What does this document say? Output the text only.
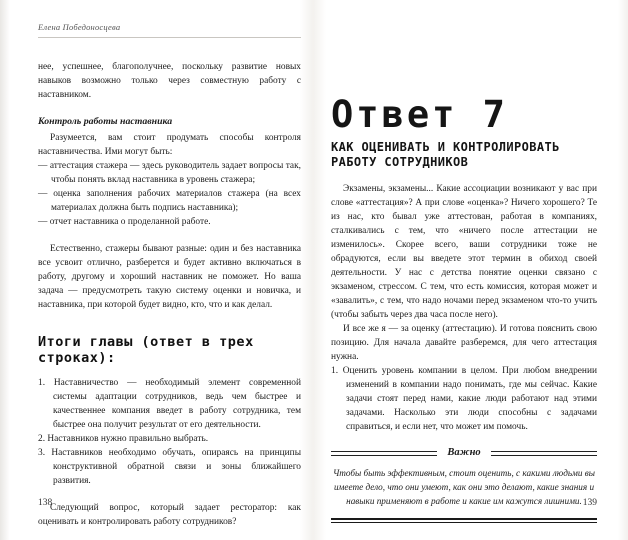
Елена Победоносцева

нее, успешнее, благополучнее, поскольку развитие новых навыков возможно только через совместную работу с наставником.

Контроль работы наставника

Разумеется, вам стоит продумать способы контроля наставничества. Ими могут быть:

— аттестация стажера — здесь руководитель задает вопросы так, чтобы понять вклад наставника в уровень стажера;

— оценка заполнения рабочих материалов стажера (на всех материалах должна быть подпись наставника);

— отчет наставника о проделанной работе.

Естественно, стажеры бывают разные: один и без наставника все усвоит отлично, разберется и будет активно включаться в работу, другому и хороший наставник не поможет. Но ваша задача — предусмотреть такую систему оценки и новичка, и наставника, при которой будет видно, кто, что и как делал.

Итоги главы (ответ в трех строках):

1. Наставничество — необходимый элемент современной системы адаптации сотрудников, ведь чем быстрее и качественнее компания введет в работу сотрудника, тем быстрее она получит результат от его деятельности.

2. Наставников нужно правильно выбрать.

3. Наставников необходимо обучать, опираясь на принципы конструктивной обратной связи и зоны ближайшего развития.

Следующий вопрос, который задает ресторатор: как оценивать и контролировать работу сотрудников?

138
Ответ 7
КАК ОЦЕНИВАТЬ И КОНТРОЛИРОВАТЬ РАБОТУ СОТРУДНИКОВ

Экзамены, экзамены... Какие ассоциации возникают у вас при слове «аттестация»? А при слове «оценка»? Ничего хорошего? Те из нас, кто бывал уже аттестован, работая в компаниях, сталкивались с тем, что «ничего после аттестации не изменилось». Скорее всего, ваши сотрудники тоже не обрадуются, если вы введете этот термин в обиход своей деятельности. У нас с детства понятие оценки связано с экзаменом, стрессом. С тем, что есть комиссия, которая может и «завалить», с тем, что надо ночами перед экзаменом что-то учить (чтобы забыть через два часа после него).

И все же я — за оценку (аттестацию). И готова пояснить свою позицию. Для начала давайте разберемся, для чего аттестация нужна.

1. Оценить уровень компании в целом. При любом внедрении изменений в компании надо понимать, где мы сейчас. Какие задачи стоят перед нами, какие люди работают над этими задачами. Насколько эти люди способны с задачами справиться, и если нет, что может им помочь.

Важно
Чтобы быть эффективным, стоит оценить, с какими людьми вы имеете дело, что они умеют, как они это делают, какие знания и навыки применяют в работе и какие им кажутся лишними. 139
